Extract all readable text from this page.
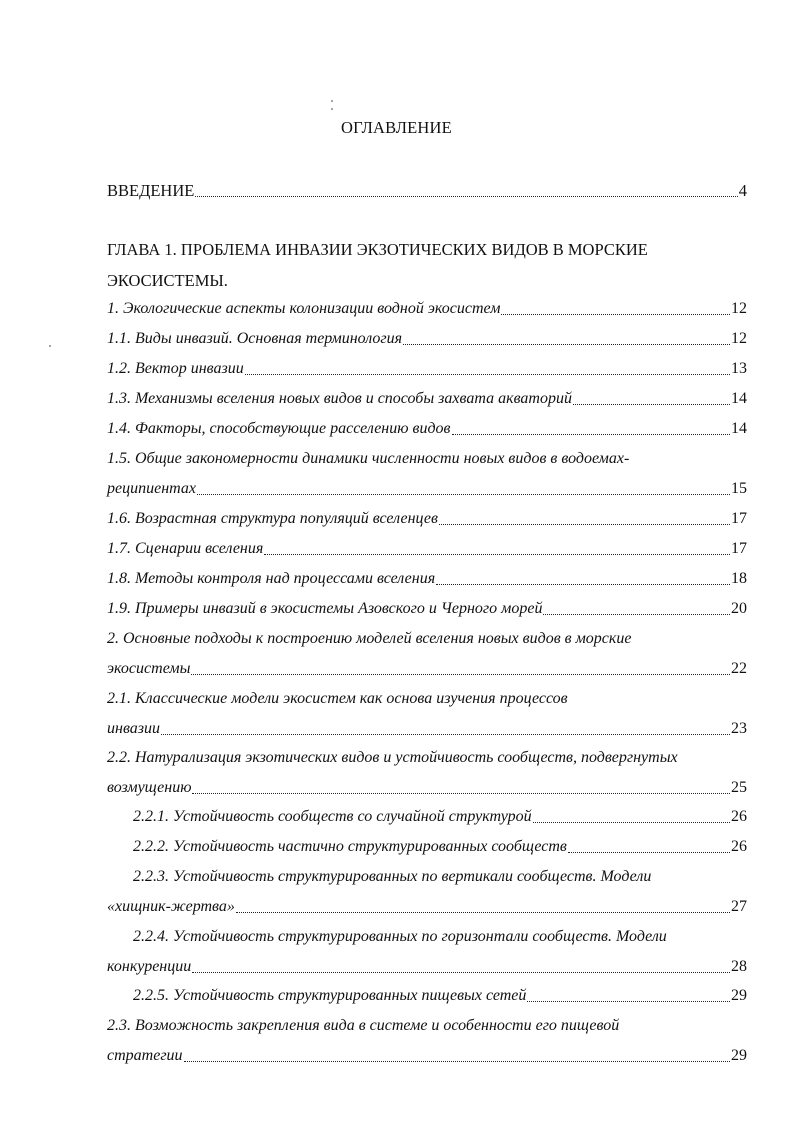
ОГЛАВЛЕНИЕ
ВВЕДЕНИЕ	4
ГЛАВА 1. ПРОБЛЕМА ИНВАЗИИ ЭКЗОТИЧЕСКИХ ВИДОВ В МОРСКИЕ
ЭКОСИСТЕМЫ.
1. Экологические аспекты колонизации водной экосистем	12
1.1. Виды инвазий. Основная терминология	12
1.2. Вектор инвазии	13
1.3. Механизмы вселения новых видов и способы захвата акваторий	14
1.4. Факторы, способствующие расселению видов	14
1.5. Общие закономерности динамики численности новых видов в водоемах-
реципиентах	15
1.6. Возрастная структура популяций вселенцев	17
1.7. Сценарии вселения	17
1.8. Методы контроля над процессами вселения	18
1.9. Примеры инвазий в экосистемы Азовского и Черного морей	20
2. Основные подходы к построению моделей вселения новых видов в морские
экосистемы	22
2.1. Классические модели экосистем как основа изучения процессов
инвазии	23
2.2. Натурализация экзотических видов и устойчивость сообществ, подвергнутых
возмущению	25
2.2.1. Устойчивость сообществ со случайной структурой	26
2.2.2. Устойчивость частично структурированных сообществ	26
2.2.3. Устойчивость структурированных по вертикали сообществ. Модели
«хищник-жертва»	27
2.2.4. Устойчивость структурированных по горизонтали сообществ. Модели
конкуренции	28
2.2.5. Устойчивость структурированных пищевых сетей	29
2.3. Возможность закрепления вида в системе и особенности его пищевой
стратегии	29
